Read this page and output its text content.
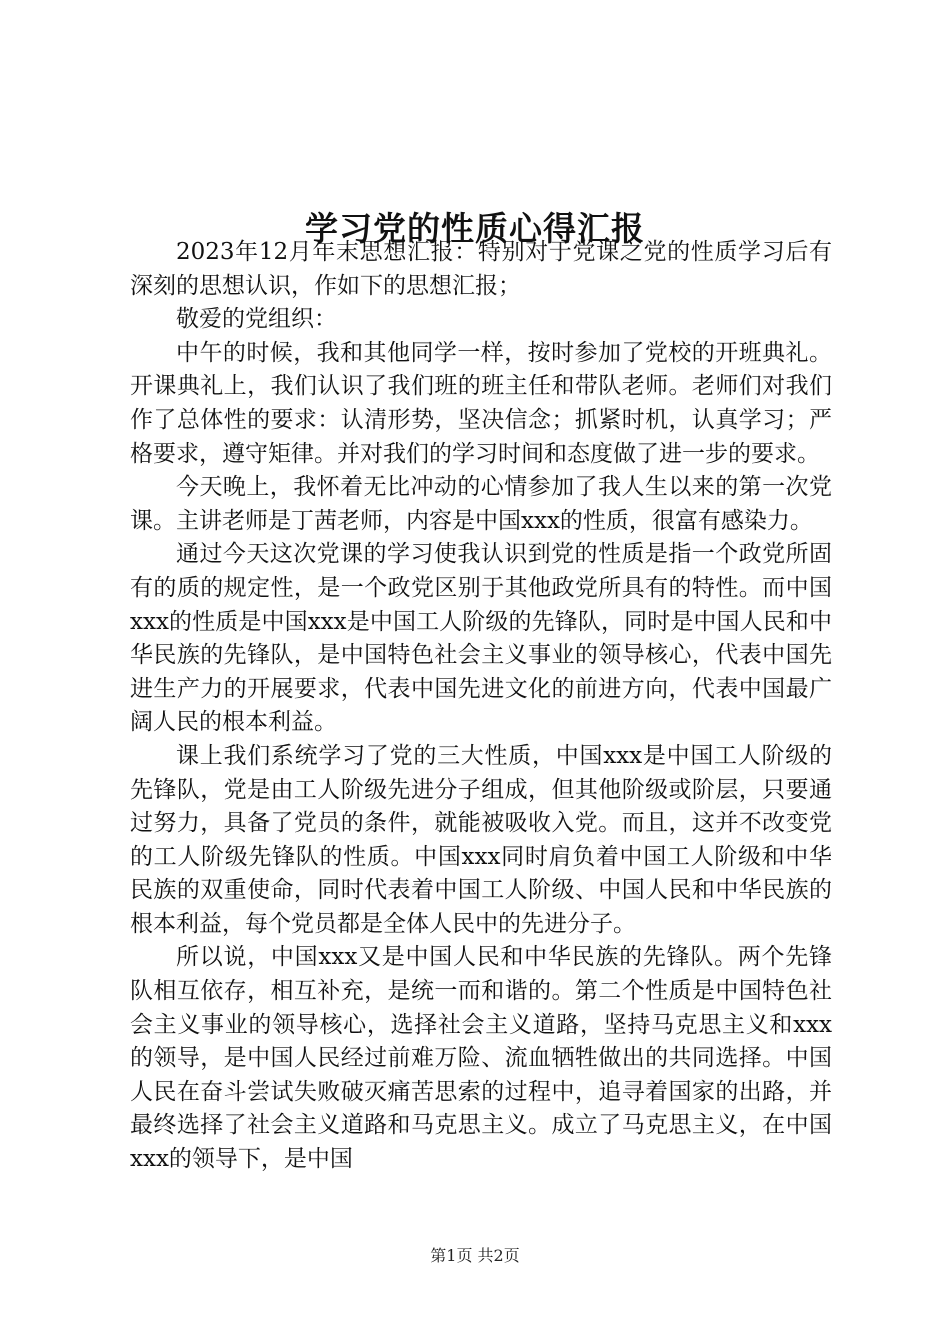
学习党的性质心得汇报

2023年12月年末思想汇报：特别对于党课之党的性质学习后有深刻的思想认识，作如下的思想汇报；

敬爱的党组织：

中午的时候，我和其他同学一样，按时参加了党校的开班典礼。开课典礼上，我们认识了我们班的班主任和带队老师。老师们对我们作了总体性的要求：认清形势，坚决信念；抓紧时机，认真学习；严格要求，遵守矩律。并对我们的学习时间和态度做了进一步的要求。

今天晚上，我怀着无比冲动的心情参加了我人生以来的第一次党课。主讲老师是丁茜老师，内容是中国xxx的性质，很富有感染力。

通过今天这次党课的学习使我认识到党的性质是指一个政党所固有的质的规定性，是一个政党区别于其他政党所具有的特性。而中国xxx的性质是中国xxx是中国工人阶级的先锋队，同时是中国人民和中华民族的先锋队，是中国特色社会主义事业的领导核心，代表中国先进生产力的开展要求，代表中国先进文化的前进方向，代表中国最广阔人民的根本利益。

课上我们系统学习了党的三大性质，中国xxx是中国工人阶级的先锋队，党是由工人阶级先进分子组成，但其他阶级或阶层，只要通过努力，具备了党员的条件，就能被吸收入党。而且，这并不改变党的工人阶级先锋队的性质。中国xxx同时肩负着中国工人阶级和中华民族的双重使命，同时代表着中国工人阶级、中国人民和中华民族的根本利益，每个党员都是全体人民中的先进分子。

所以说，中国xxx又是中国人民和中华民族的先锋队。两个先锋队相互依存，相互补充，是统一而和谐的。第二个性质是中国特色社会主义事业的领导核心，选择社会主义道路，坚持马克思主义和xxx的领导，是中国人民经过前难万险、流血牺牲做出的共同选择。中国人民在奋斗尝试失败破灭痛苦思索的过程中，追寻着国家的出路，并最终选择了社会主义道路和马克思主义。成立了马克思主义，在中国xxx的领导下，是中国

第1页 共2页
